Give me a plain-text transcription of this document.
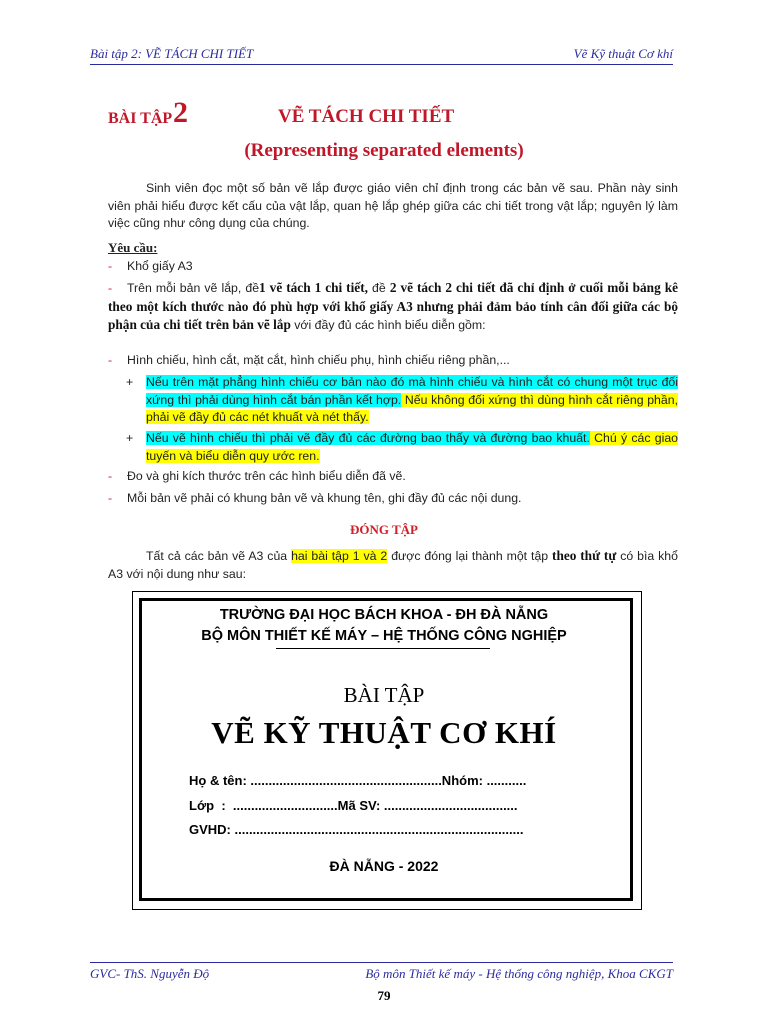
Bài tập 2: VẼ TÁCH CHI TIẾT	Vẽ Kỹ thuật Cơ khí
BÀI TẬP 2	VẼ TÁCH CHI TIẾT
(Representing separated elements)
Sinh viên đọc một số bản vẽ lắp được giáo viên chỉ định trong các bản vẽ sau. Phần này sinh viên phải hiểu được kết cấu của vật lắp, quan hệ lắp ghép giữa các chi tiết trong vật lắp; nguyên lý làm việc cũng như công dụng của chúng.
Yêu cầu:
- Khổ giấy A3
- Trên mỗi bản vẽ lắp, đề1 vẽ tách 1 chi tiết, đề 2 vẽ tách 2 chi tiết đã chỉ định ở cuối mỗi bảng kê theo một kích thước nào đó phù hợp với khổ giấy A3 nhưng phải đảm bảo tính cân đối giữa các bộ phận của chi tiết trên bản vẽ lắp với đầy đủ các hình biểu diễn gồm:
- Hình chiếu, hình cắt, mặt cắt, hình chiếu phụ, hình chiếu riêng phần,...
+	Nếu trên mặt phẳng hình chiếu cơ bản nào đó mà hình chiếu và hình cắt có chung một trục đối xứng thì phải dùng hình cắt bán phần kết hợp. Nếu không đối xứng thì dùng hình cắt riêng phần, phải vẽ đầy đủ các nét khuất và nét thấy.
+	Nếu vẽ hình chiếu thì phải vẽ đầy đủ các đường bao thấy và đường bao khuất. Chú ý các giao tuyến và biểu diễn quy ước ren.
- Đo và ghi kích thước trên các hình biểu diễn đã vẽ.
- Mỗi bản vẽ phải có khung bản vẽ và khung tên, ghi đầy đủ các nội dung.
ĐÓNG TẬP
Tất cả các bản vẽ A3 của hai bài tập 1 và 2 được đóng lại thành một tập theo thứ tự có bìa khổ A3 với nội dung như sau:
TRƯỜNG ĐẠI HỌC BÁCH KHOA - ĐH ĐÀ NẴNG
BỘ MÔN THIẾT KẾ MÁY – HỆ THỐNG CÔNG NGHIỆP
BÀI TẬP
VẼ KỸ THUẬT CƠ KHÍ
Họ & tên: .....................................................Nhóm: ...........
Lớp  :  .............................Mã SV: .....................................
GVHD: ................................................................................
ĐÀ NẴNG - 2022
GVC- ThS. Nguyễn Độ	Bộ môn Thiết kế máy - Hệ thống công nghiệp, Khoa CKGT
79
